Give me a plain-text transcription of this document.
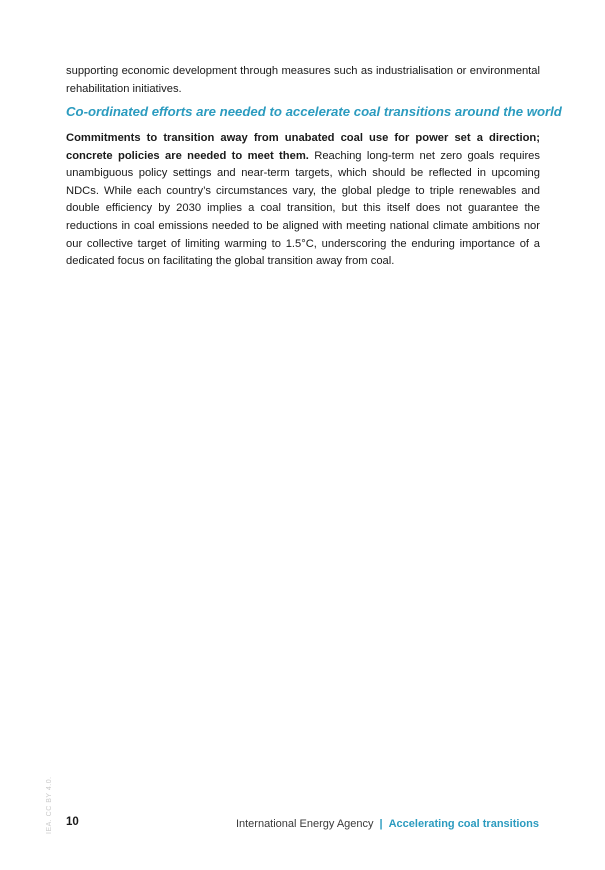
supporting economic development through measures such as industrialisation or environmental rehabilitation initiatives.

Co-ordinated efforts are needed to accelerate coal transitions around the world

Commitments to transition away from unabated coal use for power set a direction; concrete policies are needed to meet them. Reaching long-term net zero goals requires unambiguous policy settings and near-term targets, which should be reflected in upcoming NDCs. While each country’s circumstances vary, the global pledge to triple renewables and double efficiency by 2030 implies a coal transition, but this itself does not guarantee the reductions in coal emissions needed to be aligned with meeting national climate ambitions nor our collective target of limiting warming to 1.5°C, underscoring the enduring importance of a dedicated focus on facilitating the global transition away from coal.

IEA. CC BY 4.0. 10	International Energy Agency | Accelerating coal transitions
